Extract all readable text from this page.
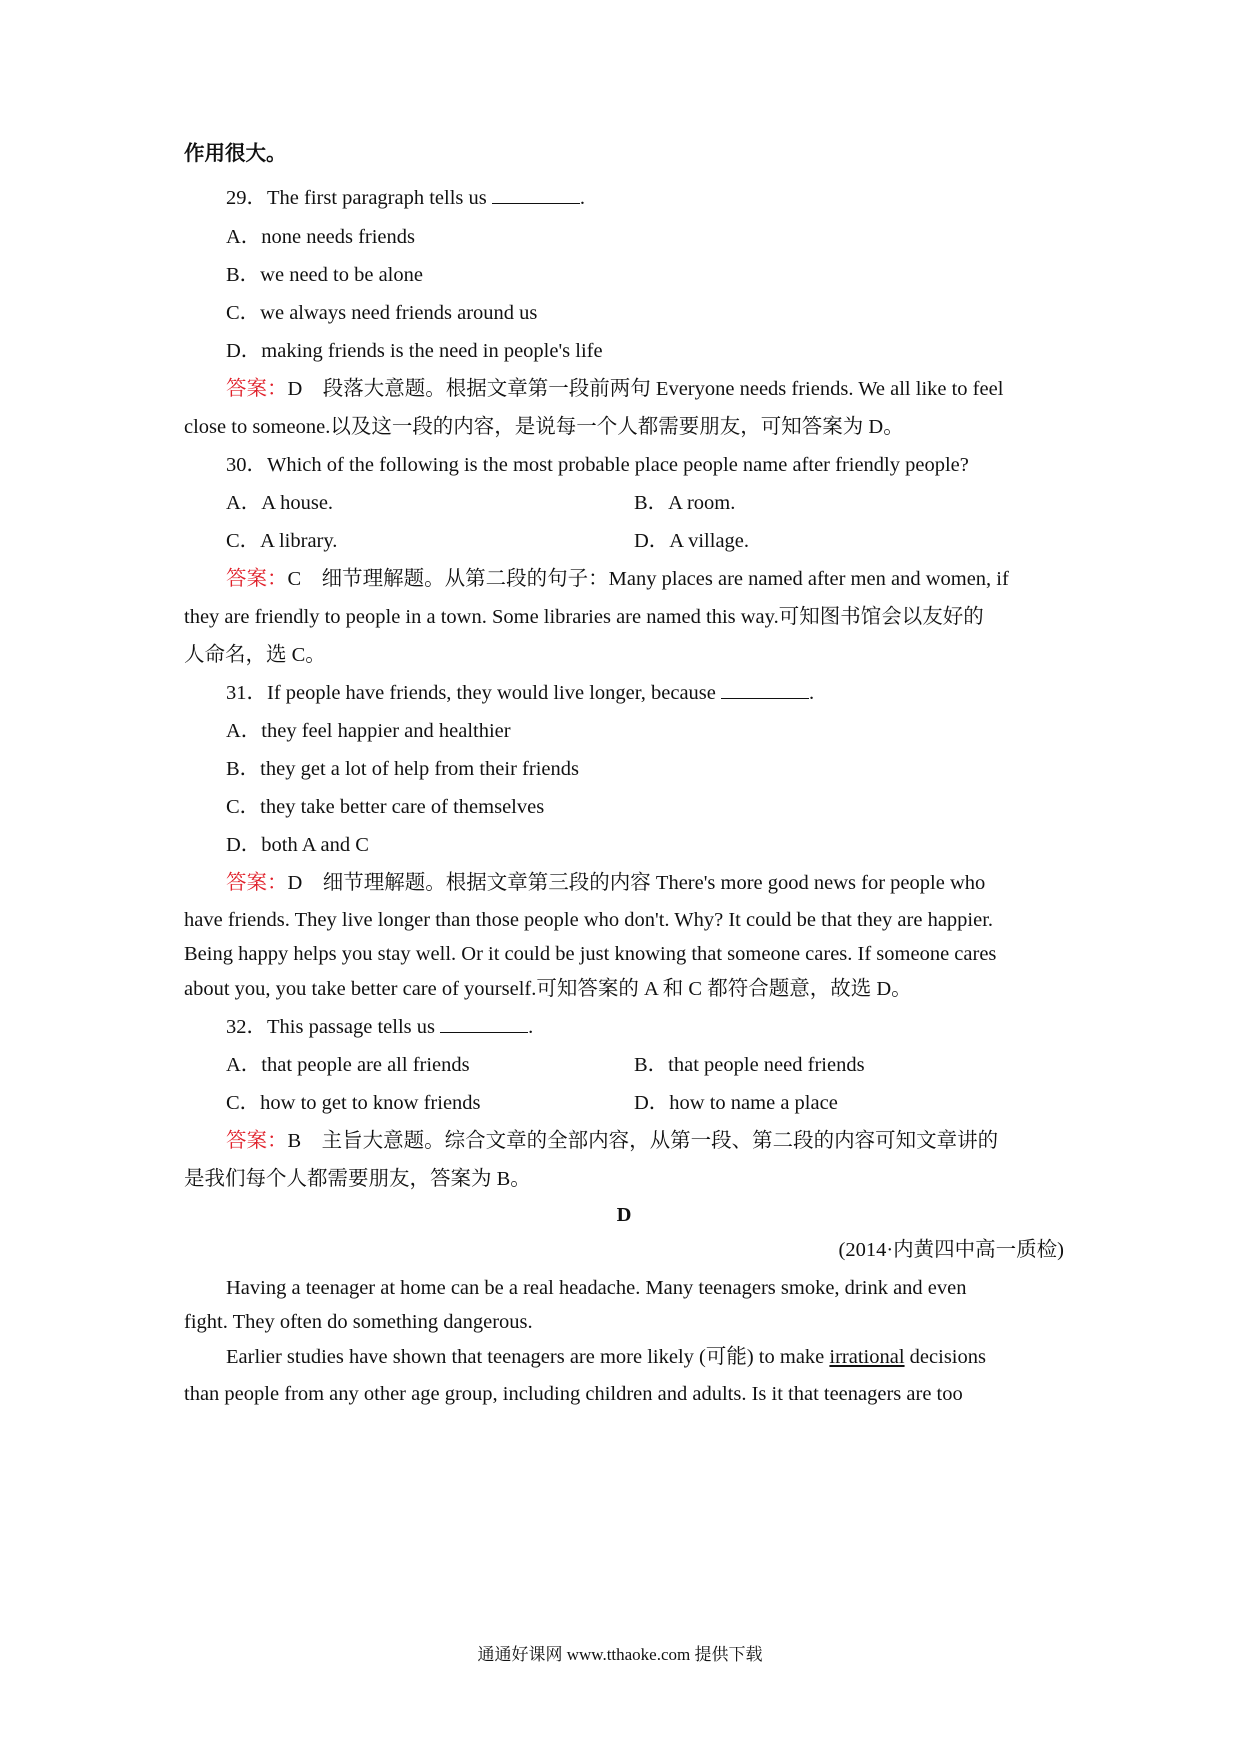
作用很大。
29．The first paragraph tells us	.
A．none needs friends
B．we need to be alone
C．we always need friends around us
D．making friends is the need in people's life
答案：D　段落大意题。根据文章第一段前两句 Everyone needs friends. We all like to feel
close to someone.以及这一段的内容，是说每一个人都需要朋友，可知答案为 D。
30．Which of the following is the most probable place people name after friendly people?
A．A house.	B．A room.
C．A library.	D．A village.
答案：C　细节理解题。从第二段的句子：Many places are named after men and women, if
they are friendly to people in a town. Some libraries are named this way.可知图书馆会以友好的
人命名，选 C。
31．If people have friends, they would live longer, because	.
A．they feel happier and healthier
B．they get a lot of help from their friends
C．they take better care of themselves
D．both A and C
答案：D　细节理解题。根据文章第三段的内容 There's more good news for people who
have friends. They live longer than those people who don't. Why? It could be that they are happier.
Being happy helps you stay well. Or it could be just knowing that someone cares. If someone cares
about you, you take better care of yourself.可知答案的 A 和 C 都符合题意，故选 D。
32．This passage tells us	.
A．that people are all friends	B．that people need friends
C．how to get to know friends	D．how to name a place
答案：B　主旨大意题。综合文章的全部内容，从第一段、第二段的内容可知文章讲的
是我们每个人都需要朋友，答案为 B。
D
(2014·内黄四中高一质检)
Having a teenager at home can be a real headache. Many teenagers smoke, drink and even
fight. They often do something dangerous.
Earlier studies have shown that teenagers are more likely (可能) to make irrational decisions
than people from any other age group, including children and adults. Is it that teenagers are too
通通好课网 www.tthaoke.com 提供下载
